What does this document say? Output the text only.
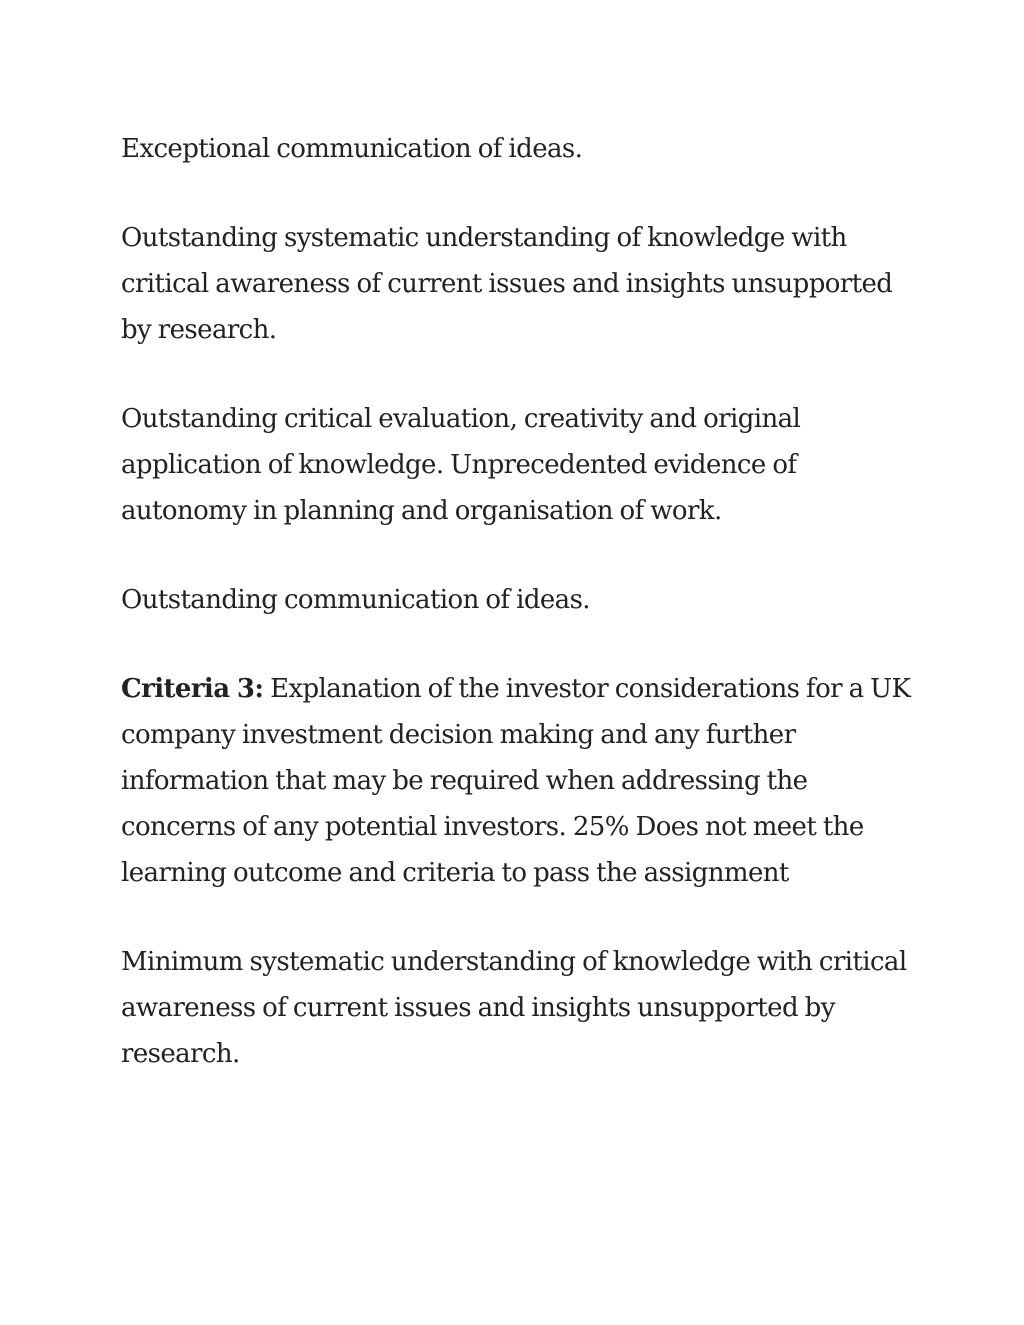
Exceptional communication of ideas.

Outstanding systematic understanding of knowledge with critical awareness of current issues and insights unsupported by research.

Outstanding critical evaluation, creativity and original application of knowledge. Unprecedented evidence of autonomy in planning and organisation of work.

Outstanding communication of ideas.

Criteria 3: Explanation of the investor considerations for a UK company investment decision making and any further information that may be required when addressing the concerns of any potential investors. 25% Does not meet the learning outcome and criteria to pass the assignment

Minimum systematic understanding of knowledge with critical awareness of current issues and insights unsupported by research.
